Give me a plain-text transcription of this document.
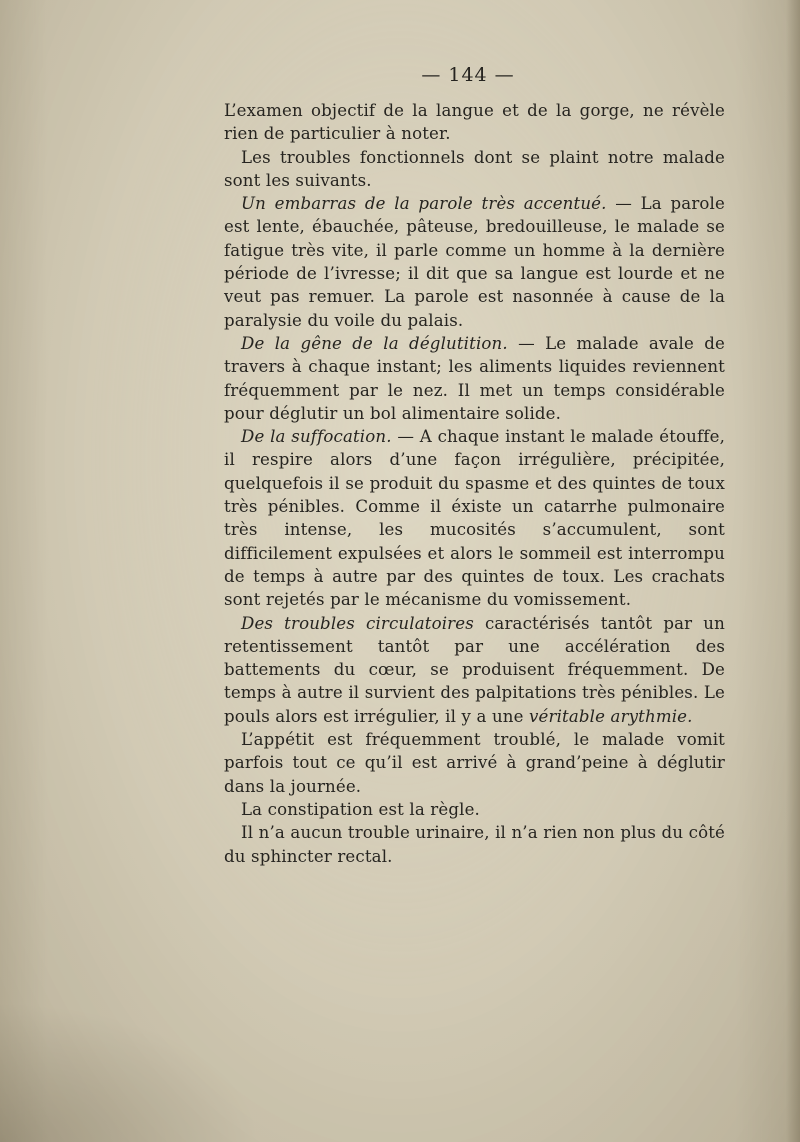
— 144 —

L’examen objectif de la langue et de la gorge, ne révèle rien de particulier à noter.

Les troubles fonctionnels dont se plaint notre malade sont les suivants.

Un embarras de la parole très accentué. — La parole est lente, ébauchée, pâteuse, bredouilleuse, le malade se fatigue très vite, il parle comme un homme à la dernière période de l’ivresse; il dit que sa langue est lourde et ne veut pas remuer. La parole est nasonnée à cause de la paralysie du voile du palais.

De la gêne de la déglutition. — Le malade avale de travers à chaque instant; les aliments liquides reviennent fréquemment par le nez. Il met un temps considérable pour déglutir un bol alimentaire solide.

De la suffocation. — A chaque instant le malade étouffe, il respire alors d’une façon irrégulière, précipitée, quelquefois il se produit du spasme et des quintes de toux très pénibles. Comme il éxiste un catarrhe pulmonaire très intense, les mucosités s’accumulent, sont difficilement expulsées et alors le sommeil est interrompu de temps à autre par des quintes de toux. Les crachats sont rejetés par le mécanisme du vomissement.

Des troubles circulatoires caractérisés tantôt par un retentissement tantôt par une accélération des battements du cœur, se produisent fréquemment. De temps à autre il survient des palpitations très pénibles. Le pouls alors est irrégulier, il y a une véritable arythmie.

L’appétit est fréquemment troublé, le malade vomit parfois tout ce qu’il est arrivé à grand’peine à déglutir dans la journée.

La constipation est la règle.

Il n’a aucun trouble urinaire, il n’a rien non plus du côté du sphincter rectal.
